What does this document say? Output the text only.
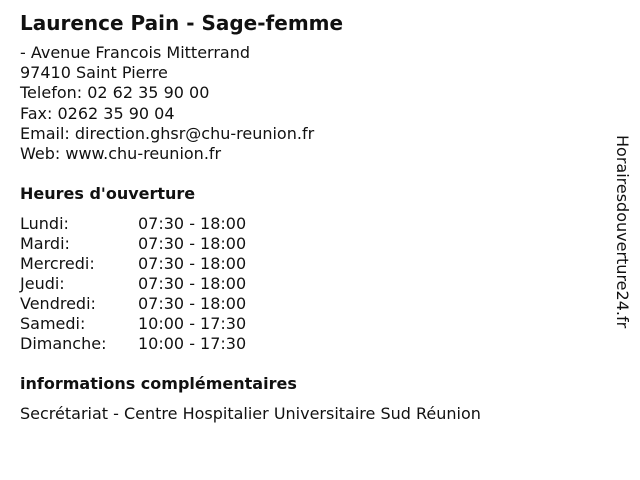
Laurence Pain - Sage-femme
- Avenue Francois Mitterrand
97410 Saint Pierre
Telefon: 02 62 35 90 00
Fax: 0262 35 90 04
Email: direction.ghsr@chu-reunion.fr
Web: www.chu-reunion.fr
Heures d'ouverture
Lundi:	07:30 - 18:00
Mardi:	07:30 - 18:00
Mercredi:	07:30 - 18:00
Jeudi:	07:30 - 18:00
Vendredi:	07:30 - 18:00
Samedi:	10:00 - 17:30
Dimanche: 10:00 - 17:30
informations complémentaires
Secrétariat - Centre Hospitalier Universitaire Sud Réunion
Horairesdouverture24.fr
